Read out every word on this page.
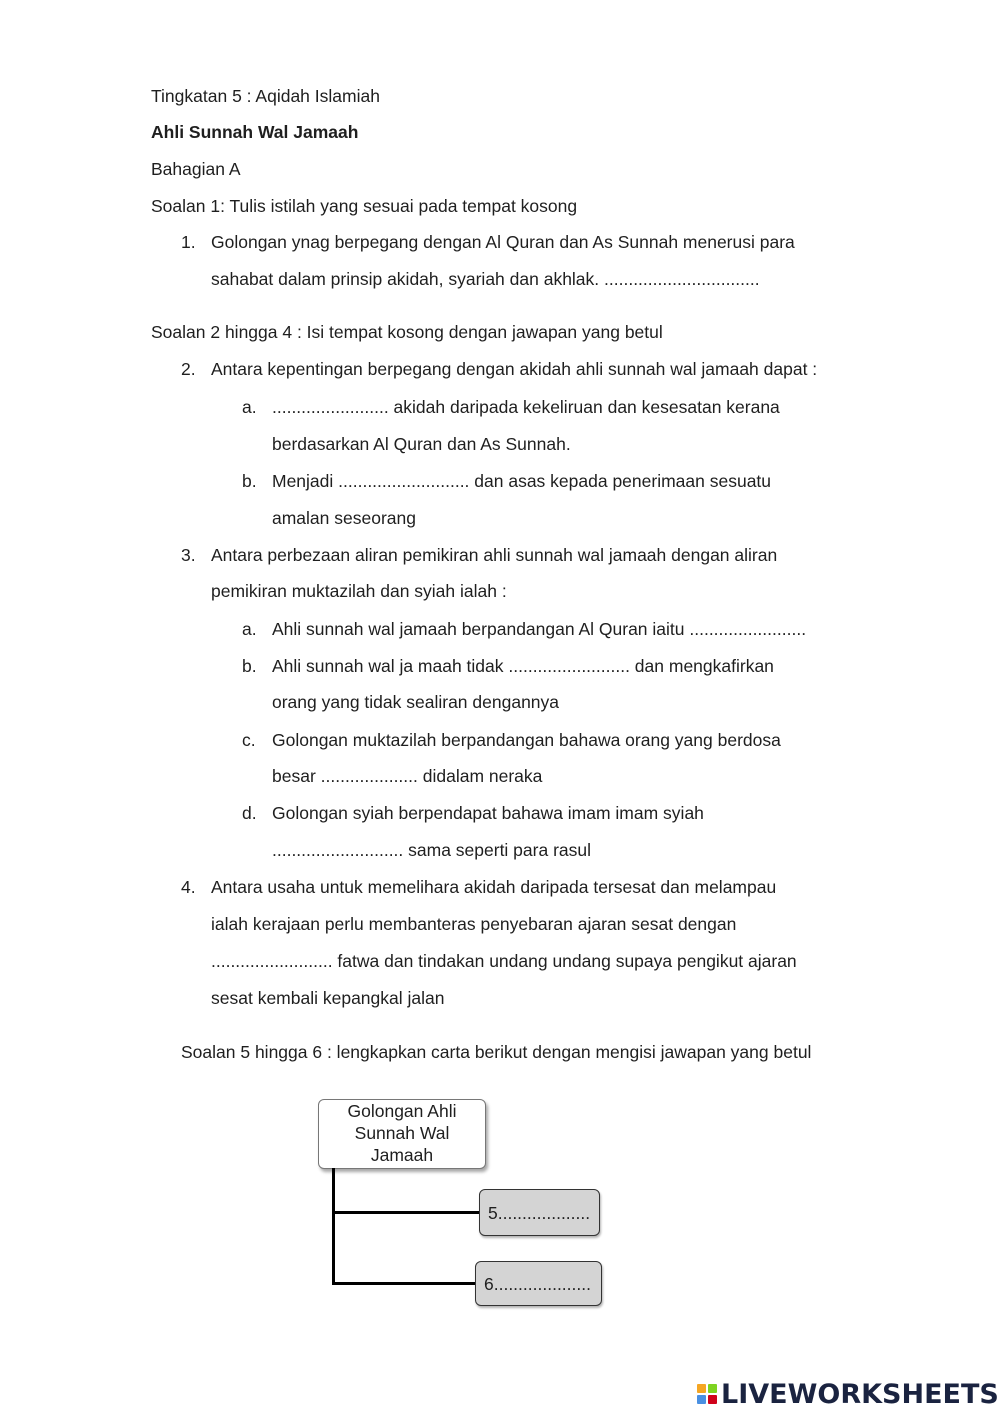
Tingkatan 5 : Aqidah Islamiah
Ahli Sunnah Wal Jamaah
Bahagian A
Soalan 1: Tulis istilah yang sesuai pada tempat kosong
1. Golongan ynag berpegang dengan Al Quran dan As Sunnah menerusi para
sahabat dalam prinsip akidah, syariah dan akhlak. ................................
Soalan 2 hingga 4 : Isi tempat kosong dengan jawapan yang betul
2. Antara kepentingan berpegang dengan akidah ahli sunnah wal jamaah dapat :
a. ........................ akidah daripada kekeliruan dan kesesatan kerana
berdasarkan Al Quran dan As Sunnah.
b. Menjadi ........................... dan asas kepada penerimaan sesuatu
amalan seseorang
3. Antara perbezaan aliran pemikiran ahli sunnah wal jamaah dengan aliran
pemikiran muktazilah dan syiah ialah :
a. Ahli sunnah wal jamaah berpandangan Al Quran iaitu ........................
b. Ahli sunnah wal ja maah tidak ......................... dan mengkafirkan
orang yang tidak sealiran dengannya
c. Golongan muktazilah berpandangan bahawa orang yang berdosa
besar .................... didalam neraka
d. Golongan syiah berpendapat bahawa imam imam syiah
........................... sama seperti para rasul
4. Antara usaha untuk memelihara akidah daripada tersesat dan melampau
ialah kerajaan perlu membanteras penyebaran ajaran sesat dengan
......................... fatwa dan tindakan undang undang supaya pengikut ajaran
sesat kembali kepangkal jalan
Soalan 5 hingga 6 : lengkapkan carta berikut dengan mengisi jawapan yang betul
Golongan Ahli
Sunnah Wal
Jamaah
5...................
6....................
LIVEWORKSHEETS
